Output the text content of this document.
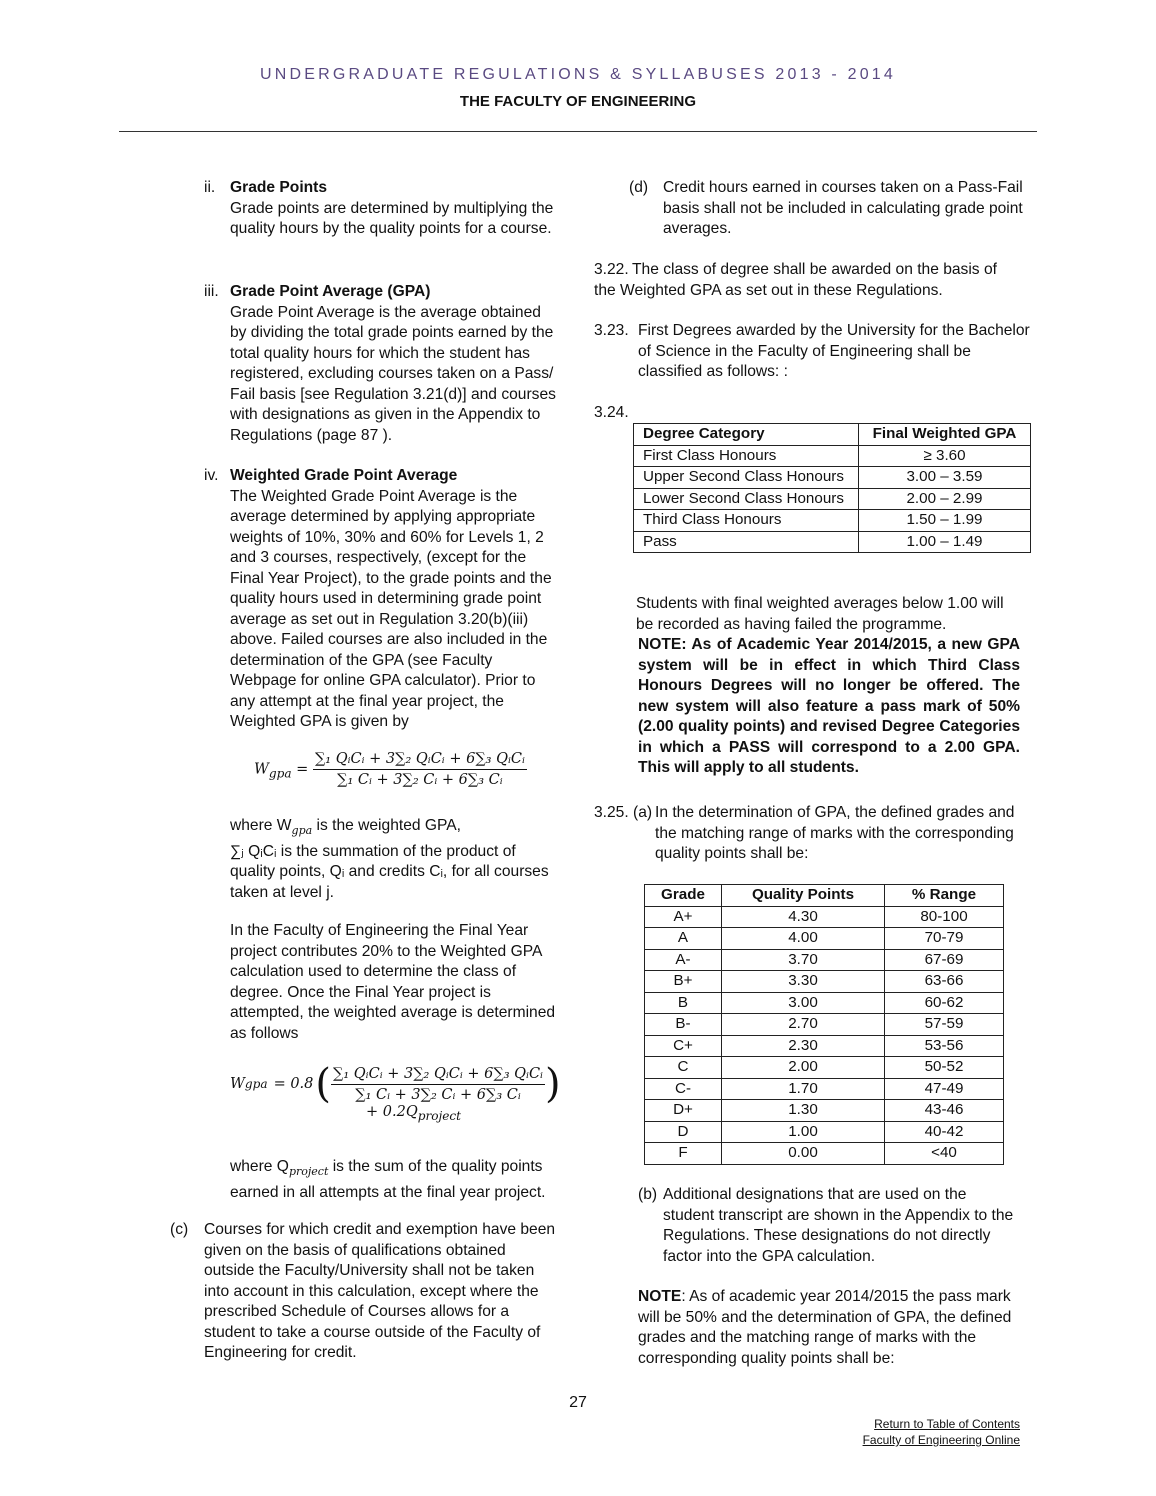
UNDERGRADUATE REGULATIONS & SYLLABUSES 2013 - 2014
THE FACULTY OF ENGINEERING
ii. Grade Points
Grade points are determined by multiplying the quality hours by the quality points for a course.
iii. Grade Point Average (GPA)
Grade Point Average is the average obtained by dividing the total grade points earned by the total quality hours for which the student has registered, excluding courses taken on a Pass/ Fail basis [see Regulation 3.21(d)] and courses with designations as given in the Appendix to Regulations (page 87 ).
iv. Weighted Grade Point Average
The Weighted Grade Point Average is the average determined by applying appropriate weights of 10%, 30% and 60% for Levels 1, 2 and 3 courses, respectively, (except for the Final Year Project), to the grade points and the quality hours used in determining grade point average as set out in Regulation 3.20(b)(iii) above. Failed courses are also included in the determination of the GPA (see Faculty Webpage for online GPA calculator). Prior to any attempt at the final year project, the Weighted GPA is given by
$W_{gpa} = \frac{\text{∑₁ QᵢCᵢ + 3∑₂ QᵢCᵢ + 6∑₃ QᵢCᵢ}}{\text{∑₁ Cᵢ + 3∑₂ Cᵢ + 6∑₃ Cᵢ}}$
where $W_{gpa}$ is the weighted GPA,
∑ⱼ QᵢCᵢ is the summation of the product of quality points, Qᵢ and credits Cᵢ, for all courses taken at level j.
In the Faculty of Engineering the Final Year project contributes 20% to the Weighted GPA calculation used to determine the class of degree. Once the Final Year project is attempted, the weighted average is determined as follows
W gpa = 0.8 ( $\frac{\text{∑₁ QᵢCᵢ + 3∑₂ QᵢCᵢ + 6∑₃ QᵢCᵢ}}{\text{∑₁ Cᵢ + 3∑₂ Cᵢ + 6∑₃ Cᵢ}}$ )
+ $0.2Q_{project}$
where $Q_{project}$ is the sum of the quality points earned in all attempts at the final year project.
(c) Courses for which credit and exemption have been given on the basis of qualifications obtained outside the Faculty/University shall not be taken into account in this calculation, except where the prescribed Schedule of Courses allows for a student to take a course outside of the Faculty of Engineering for credit.
(d) Credit hours earned in courses taken on a Pass-Fail basis shall not be included in calculating grade point averages.
3.22. The class of degree shall be awarded on the basis of the Weighted GPA as set out in these Regulations.
3.23. First Degrees awarded by the University for the Bachelor of Science in the Faculty of Engineering shall be classified as follows: :
3.24.
Degree Category	Final Weighted GPA
First Class Honours	≥ 3.60
Upper Second Class Honours	3.00 – 3.59
Lower Second Class Honours	2.00 – 2.99
Third Class Honours	1.50 – 1.99
Pass	1.00 – 1.49
Students with final weighted averages below 1.00 will be recorded as having failed the programme.
NOTE: As of Academic Year 2014/2015, a new GPA system will be in effect in which Third Class Honours Degrees will no longer be offered. The new system will also feature a pass mark of 50% (2.00 quality points) and revised Degree Categories in which a PASS will correspond to a 2.00 GPA. This will apply to all students.
3.25. (a) In the determination of GPA, the defined grades and the matching range of marks with the corresponding quality points shall be:
Grade	Quality Points	% Range
A+	4.30	80-100
A	4.00	70-79
A-	3.70	67-69
B+	3.30	63-66
B	3.00	60-62
B-	2.70	57-59
C+	2.30	53-56
C	2.00	50-52
C-	1.70	47-49
D+	1.30	43-46
D	1.00	40-42
F	0.00	<40
(b) Additional designations that are used on the student transcript are shown in the Appendix to the Regulations. These designations do not directly factor into the GPA calculation.
NOTE: As of academic year 2014/2015 the pass mark will be 50% and the determination of GPA, the defined grades and the matching range of marks with the corresponding quality points shall be:
27
Return to Table of Contents
Faculty of Engineering Online
